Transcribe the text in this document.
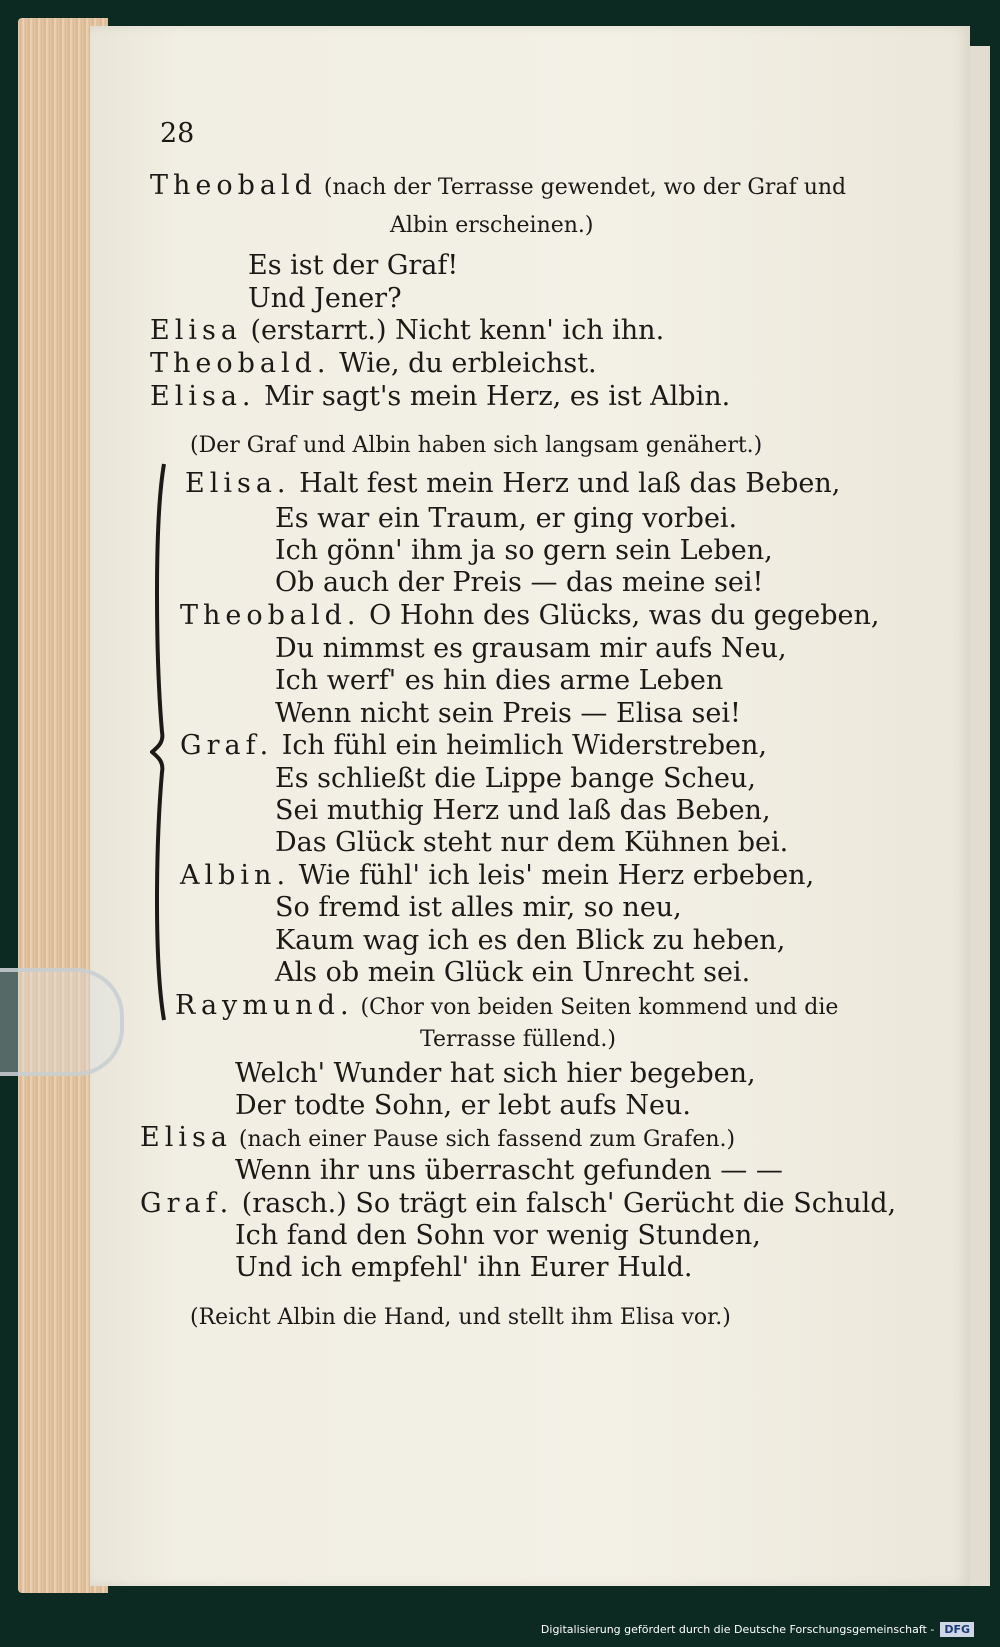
28
Theobald (nach der Terrasse gewendet, wo der Graf und
Albin erscheinen.)
Es ist der Graf!
Und Jener?
Elisa (erstarrt.) Nicht kenn' ich ihn.
Theobald. Wie, du erbleichst.
Elisa. Mir sagt's mein Herz, es ist Albin.
(Der Graf und Albin haben sich langsam genähert.)
Elisa. Halt fest mein Herz und laß das Beben,
Es war ein Traum, er ging vorbei.
Ich gönn' ihm ja so gern sein Leben,
Ob auch der Preis — das meine sei!
Theobald. O Hohn des Glücks, was du gegeben,
Du nimmst es grausam mir aufs Neu,
Ich werf' es hin dies arme Leben
Wenn nicht sein Preis — Elisa sei!
Graf. Ich fühl ein heimlich Widerstreben,
Es schließt die Lippe bange Scheu,
Sei muthig Herz und laß das Beben,
Das Glück steht nur dem Kühnen bei.
Albin. Wie fühl' ich leis' mein Herz erbeben,
So fremd ist alles mir, so neu,
Kaum wag ich es den Blick zu heben,
Als ob mein Glück ein Unrecht sei.
Raymund. (Chor von beiden Seiten kommend und die
Terrasse füllend.)
Welch' Wunder hat sich hier begeben,
Der todte Sohn, er lebt aufs Neu.
Elisa (nach einer Pause sich fassend zum Grafen.)
Wenn ihr uns überrascht gefunden — —
Graf. (rasch.) So trägt ein falsch' Gerücht die Schuld,
Ich fand den Sohn vor wenig Stunden,
Und ich empfehl' ihn Eurer Huld.
(Reicht Albin die Hand, und stellt ihm Elisa vor.)
Digitalisierung gefördert durch die Deutsche Forschungsgemeinschaft - DFG
